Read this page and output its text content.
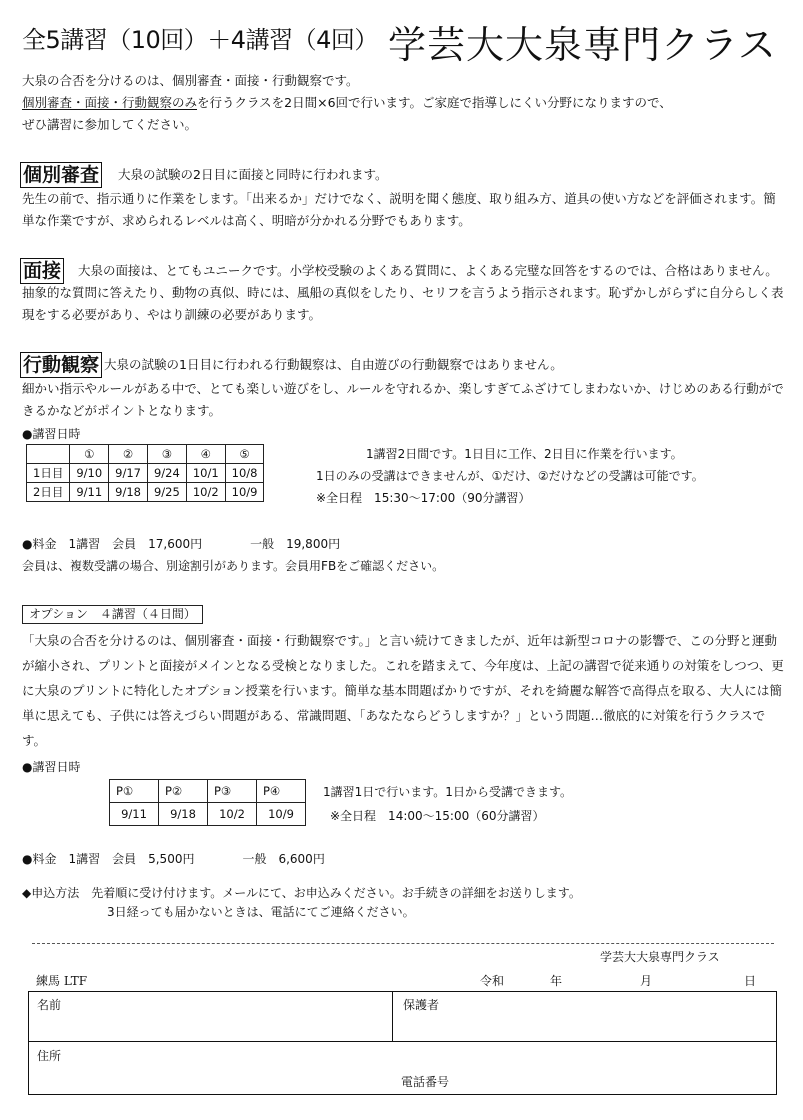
全5講習（10回）＋4講習（4回） 学芸大大泉専門クラス
大泉の合否を分けるのは、個別審査・面接・行動観察です。
個別審査・面接・行動観察のみを行うクラスを2日間×6回で行います。ご家庭で指導しにくい分野になりますので、
ぜひ講習に参加してください。
個別審査 大泉の試験の2日目に面接と同時に行われます。
先生の前で、指示通りに作業をします。「出来るか」だけでなく、説明を聞く態度、取り組み方、道具の使い方などを評価されます。簡単な作業ですが、求められるレベルは高く、明暗が分かれる分野でもあります。
面接	大泉の面接は、とてもユニークです。小学校受験のよくある質問に、よくある完璧な回答をするのでは、合格はありません。抽象的な質問に答えたり、動物の真似、時には、風船の真似をしたり、セリフを言うよう指示されます。恥ずかしがらずに自分らしく表現をする必要があり、やはり訓練の必要があります。
行動観察 大泉の試験の1日目に行われる行動観察は、自由遊びの行動観察ではありません。
細かい指示やルールがある中で、とても楽しい遊びをし、ルールを守れるか、楽しすぎてふざけてしまわないか、けじめのある行動ができるかなどがポイントとなります。
●講習日時
	①	②	③	④	⑤
1日目	9/10	9/17	9/24	10/1	10/8
2日目	9/11	9/18	9/25	10/2	10/9
1講習2日間です。1日目に工作、2日目に作業を行います。
1日のみの受講はできませんが、①だけ、②だけなどの受講は可能です。
※全日程　15:30～17:00（90分講習）
●料金　1講習　会員　17,600円　　　　一般　19,800円
会員は、複数受講の場合、別途割引があります。会員用FBをご確認ください。
オプション　４講習（４日間）
「大泉の合否を分けるのは、個別審査・面接・行動観察です。」と言い続けてきましたが、近年は新型コロナの影響で、この分野と運動が縮小され、プリントと面接がメインとなる受検となりました。これを踏まえて、今年度は、上記の講習で従来通りの対策をしつつ、更に大泉のプリントに特化したオプション授業を行います。簡単な基本問題ばかりですが、それを綺麗な解答で高得点を取る、大人には簡単に思えても、子供には答えづらい問題がある、常識問題、「あなたならどうしますか？」という問題…徹底的に対策を行うクラスです。
●講習日時
P①	P②	P③	P④
9/11	9/18	10/2	10/9
1講習1日で行います。1日から受講できます。
※全日程　14:00～15:00（60分講習）
●料金　1講習　会員　5,500円　　　　一般　6,600円
◆申込方法　先着順に受け付けます。メールにて、お申込みください。お手続きの詳細をお送りします。
3日経っても届かないときは、電話にてご連絡ください。
学芸大大泉専門クラス
練馬 LTF	令和	年	月	日
名前	保護者
住所
電話番号
